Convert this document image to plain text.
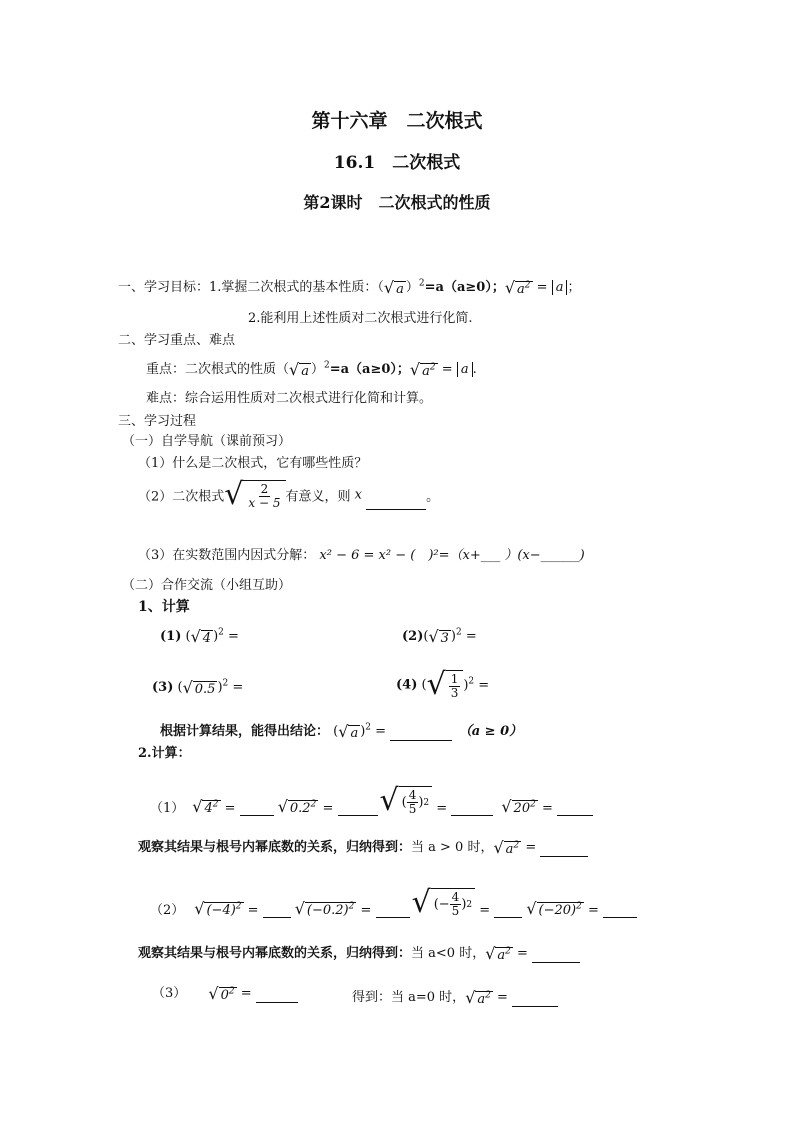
第十六章　二次根式
16.1　二次根式
第2课时　二次根式的性质
一、学习目标：1.掌握二次根式的基本性质：（√ a ）$^2$=a（a≥0）；√ $a^2 = a$ ；
2.能利用上述性质对二次根式进行化简.
二、学习重点、难点
重点：二次根式的性质（√ a ）$^2$=a（a≥0）；√ $a^2 = a$ .
难点：综合运用性质对二次根式进行化简和计算。
三、学习过程
（一）自学导航（课前预习）
（1）什么是二次根式，它有哪些性质？
（2）二次根式 √ $\frac{2}{x - 5}$ 有意义，则 x	。
（3）在实数范围内因式分解： x² − 6 = x² − (　)²=（x+___ ）(x−______)
（二）合作交流（小组互助）
1、计算
(1) (√ 4 )$^2$ =	(2)(√ 3 )$^2$ =
(3) (√ 0.5 )$^2$ =	(4) ( √ $\frac{1}{3} )^2$ =
根据计算结果，能得出结论： (√ a )$^2$ = 　	（a ≥ 0）
2.计算：
（1） √ $4^2$
=
	√ $0.2^2$
=
√ ( $\frac{4}{5}$ ) 2
=
	√ $20^2$
=

观察其结果与根号内幂底数的关系，归纳得到：当 a > 0 时，√ $a^2$ =
（2） √ $(-4)^2$
=
√ $(-0.2)^2$
=
√ ( − $\frac{4}{5}$ ) 2
=
√ $(-20)^2$
=

观察其结果与根号内幂底数的关系，归纳得到：当 a<0 时，√ $a^2$ =
（3） √ $0^2$ =	得到：当 a=0 时，√ $a^2$ =
